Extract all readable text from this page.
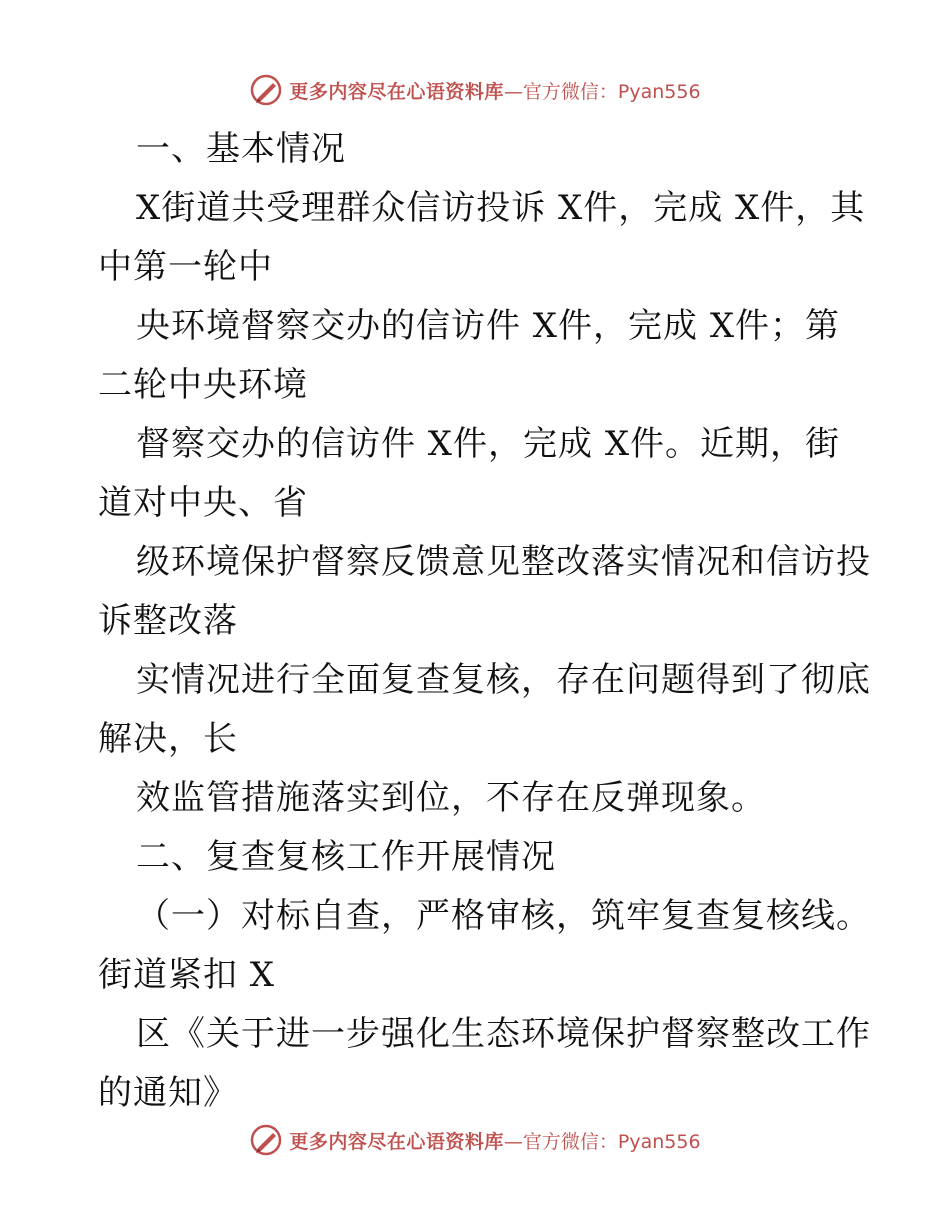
更多内容尽在心语资料库 —官方微信：Pyan556
一、基本情况
X街道共受理群众信访投诉 X件，完成 X件，其
中第一轮中
央环境督察交办的信访件 X件，完成 X件；第
二轮中央环境
督察交办的信访件 X件，完成 X件。近期，街
道对中央、省
级环境保护督察反馈意见整改落实情况和信访投
诉整改落
实情况进行全面复查复核，存在问题得到了彻底
解决，长
效监管措施落实到位，不存在反弹现象。
二、复查复核工作开展情况
（一）对标自查，严格审核，筑牢复查复核线。
街道紧扣 X
区《关于进一步强化生态环境保护督察整改工作
的通知》
更多内容尽在心语资料库 —官方微信：Pyan556
